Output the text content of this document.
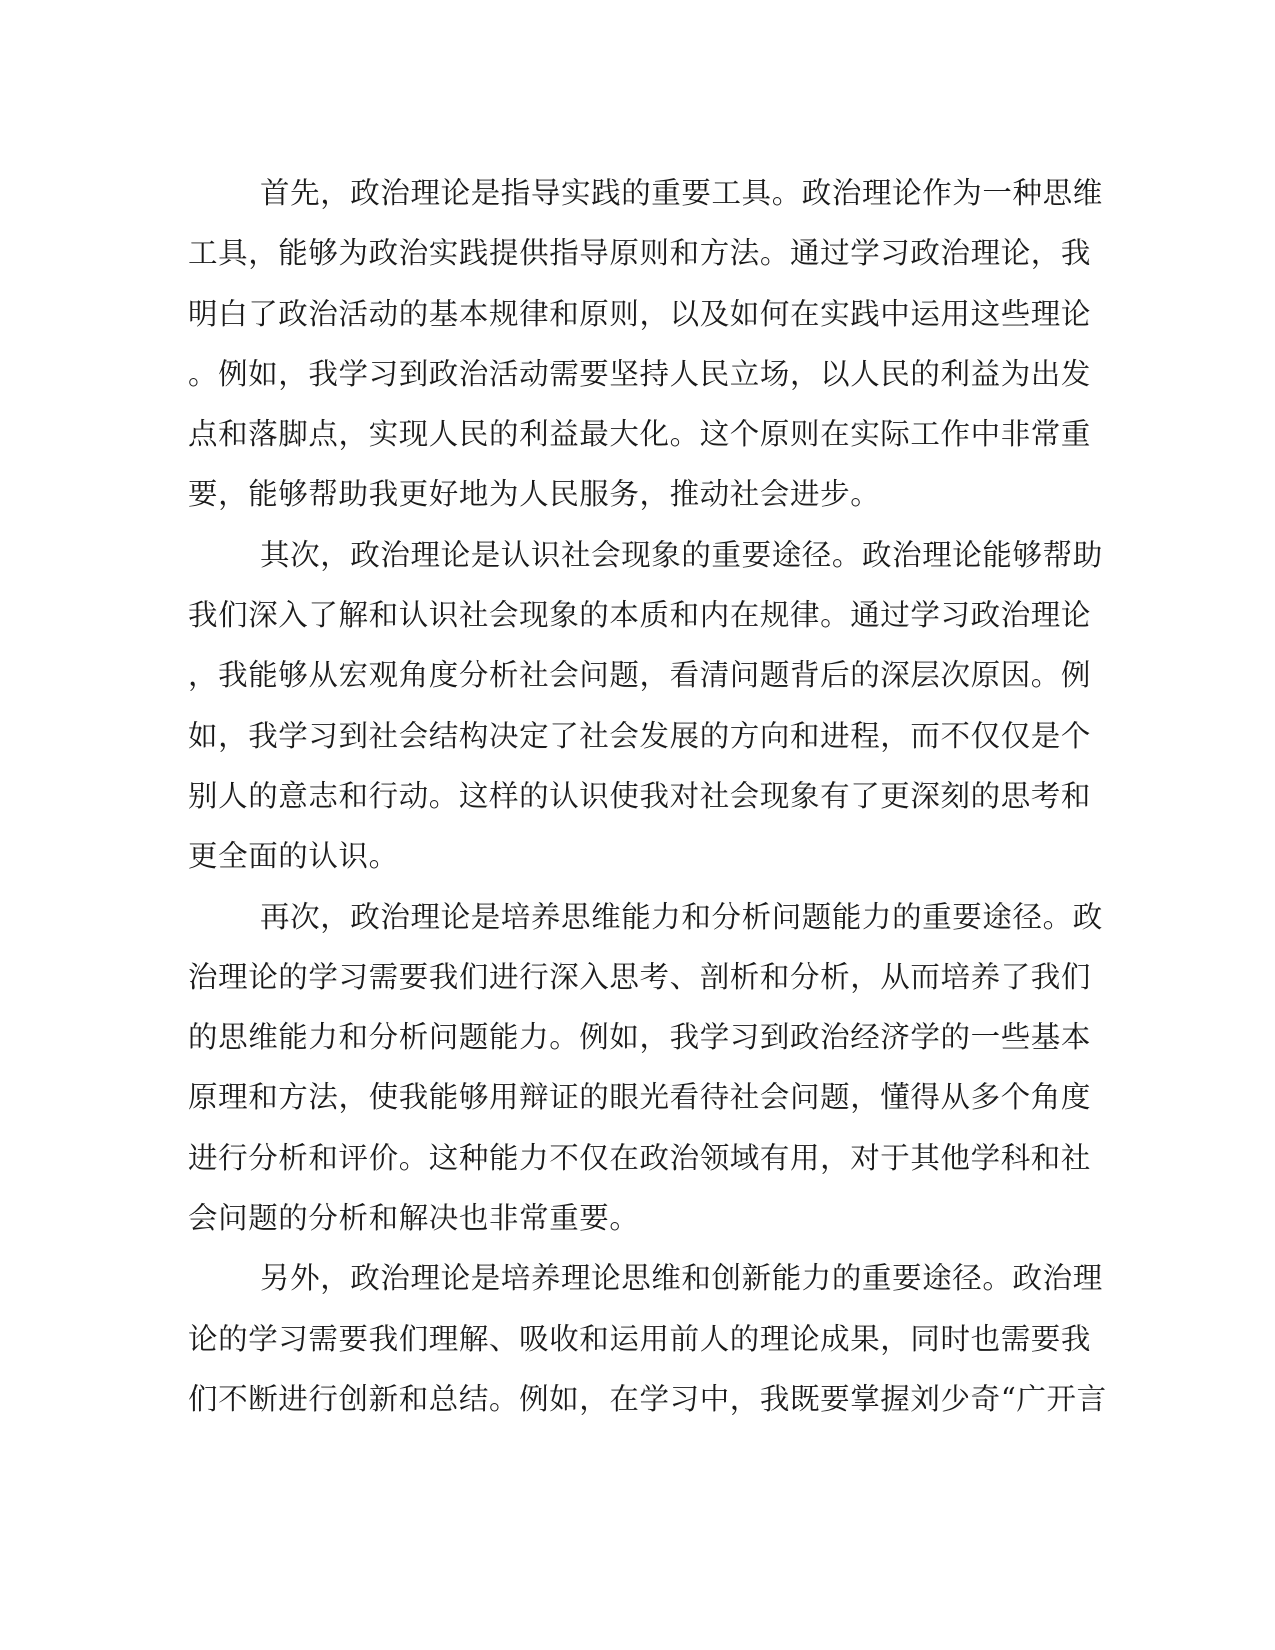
首先，政治理论是指导实践的重要工具。政治理论作为一种思维
工具，能够为政治实践提供指导原则和方法。通过学习政治理论，我
明白了政治活动的基本规律和原则，以及如何在实践中运用这些理论
。例如，我学习到政治活动需要坚持人民立场，以人民的利益为出发
点和落脚点，实现人民的利益最大化。这个原则在实际工作中非常重
要，能够帮助我更好地为人民服务，推动社会进步。
其次，政治理论是认识社会现象的重要途径。政治理论能够帮助
我们深入了解和认识社会现象的本质和内在规律。通过学习政治理论
，我能够从宏观角度分析社会问题，看清问题背后的深层次原因。例
如，我学习到社会结构决定了社会发展的方向和进程，而不仅仅是个
别人的意志和行动。这样的认识使我对社会现象有了更深刻的思考和
更全面的认识。
再次，政治理论是培养思维能力和分析问题能力的重要途径。政
治理论的学习需要我们进行深入思考、剖析和分析，从而培养了我们
的思维能力和分析问题能力。例如，我学习到政治经济学的一些基本
原理和方法，使我能够用辩证的眼光看待社会问题，懂得从多个角度
进行分析和评价。这种能力不仅在政治领域有用，对于其他学科和社
会问题的分析和解决也非常重要。
另外，政治理论是培养理论思维和创新能力的重要途径。政治理
论的学习需要我们理解、吸收和运用前人的理论成果，同时也需要我
们不断进行创新和总结。例如，在学习中，我既要掌握刘少奇“广开言
